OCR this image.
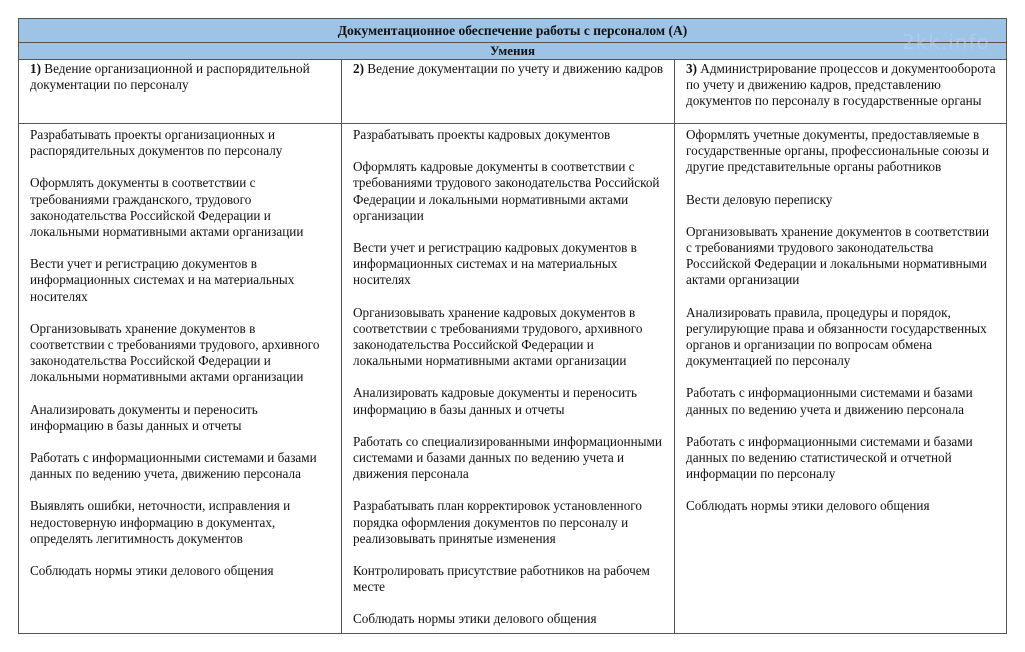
Документационное обеспечение работы с персоналом (А)
Умения
1) Ведение организационной и распорядительной документации по персоналу

Разрабатывать проекты организационных и распорядительных документов по персоналу

Оформлять документы в соответствии с требованиями гражданского, трудового законодательства Российской Федерации и локальными нормативными актами организации

Вести учет и регистрацию документов в информационных системах и на материальных носителях

Организовывать хранение документов в соответствии с требованиями трудового, архивного законодательства Российской Федерации и локальными нормативными актами организации

Анализировать документы и переносить информацию в базы данных и отчеты

Работать с информационными системами и базами данных по ведению учета, движению персонала

Выявлять ошибки, неточности, исправления и недостоверную информацию в документах, определять легитимность документов

Соблюдать нормы этики делового общения

2) Ведение документации по учету и движению кадров

Разрабатывать проекты кадровых документов

Оформлять кадровые документы в соответствии с требованиями трудового законодательства Российской Федерации и локальными нормативными актами организации

Вести учет и регистрацию кадровых документов в информационных системах и на материальных носителях

Организовывать хранение кадровых документов в соответствии с требованиями трудового, архивного законодательства Российской Федерации и локальными нормативными актами организации

Анализировать кадровые документы и переносить информацию в базы данных и отчеты

Работать со специализированными информационными системами и базами данных по ведению учета и движения персонала

Разрабатывать план корректировок установленного порядка оформления документов по персоналу и реализовывать принятые изменения

Контролировать присутствие работников на рабочем месте

Соблюдать нормы этики делового общения

3) Администрирование процессов и документооборота по учету и движению кадров, представлению документов по персоналу в государственные органы

Оформлять учетные документы, предоставляемые в государственные органы, профессиональные союзы и другие представительные органы работников

Вести деловую переписку

Организовывать хранение документов в соответствии с требованиями трудового законодательства Российской Федерации и локальными нормативными актами организации

Анализировать правила, процедуры и порядок, регулирующие права и обязанности государственных органов и организации по вопросам обмена документацией по персоналу

Работать с информационными системами и базами данных по ведению учета и движению персонала

Работать с информационными системами и базами данных по ведению статистической и отчетной информации по персоналу

Соблюдать нормы этики делового общения

2kk.info
